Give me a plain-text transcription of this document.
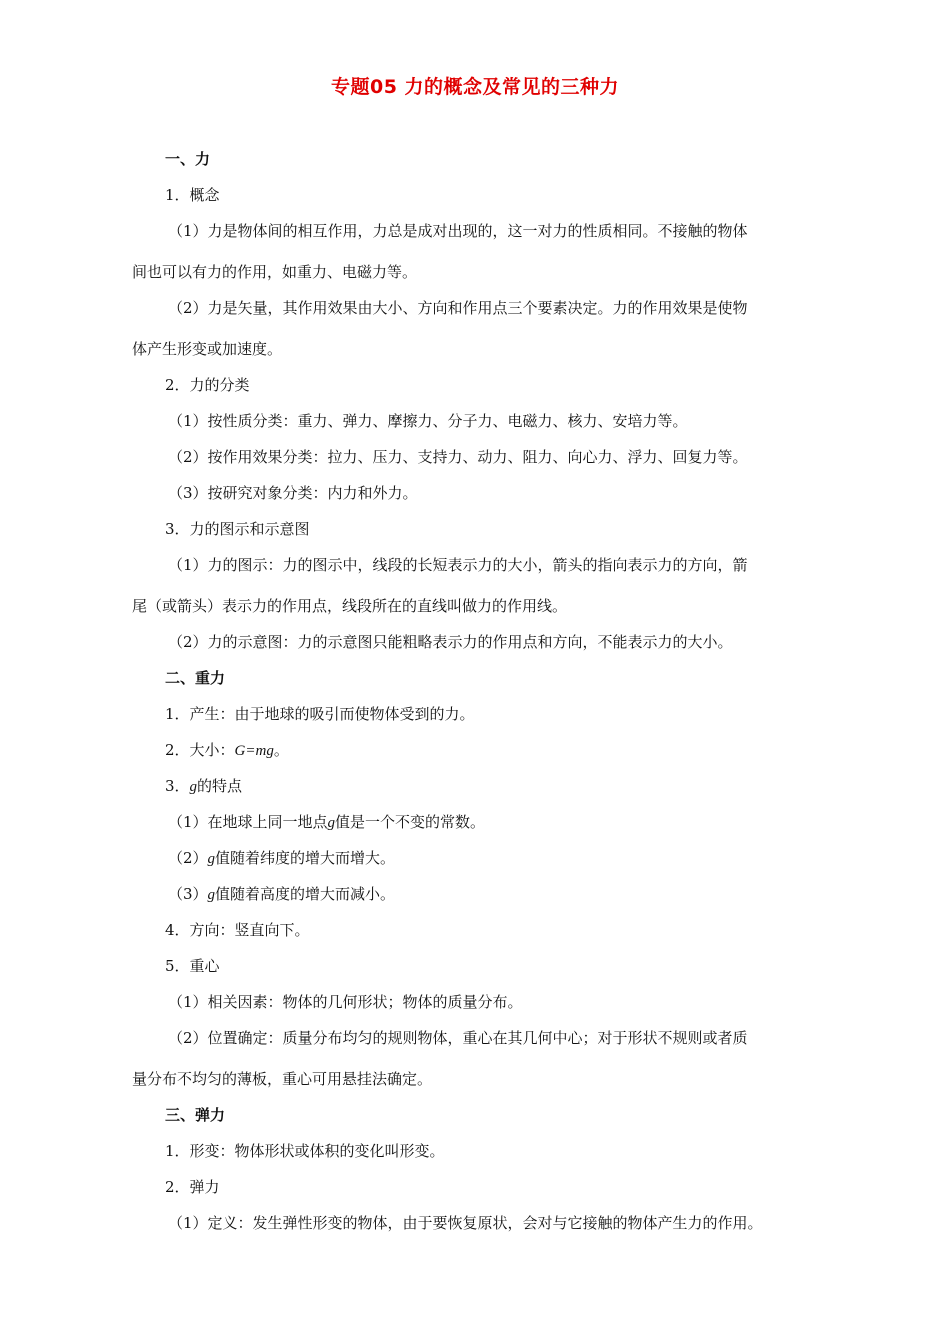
专题05 力的概念及常见的三种力
一、力
1．概念
（1）力是物体间的相互作用，力总是成对出现的，这一对力的性质相同。不接触的物体
间也可以有力的作用，如重力、电磁力等。
（2）力是矢量，其作用效果由大小、方向和作用点三个要素决定。力的作用效果是使物
体产生形变或加速度。
2．力的分类
（1）按性质分类：重力、弹力、摩擦力、分子力、电磁力、核力、安培力等。
（2）按作用效果分类：拉力、压力、支持力、动力、阻力、向心力、浮力、回复力等。
（3）按研究对象分类：内力和外力。
3．力的图示和示意图
（1）力的图示：力的图示中，线段的长短表示力的大小，箭头的指向表示力的方向，箭
尾（或箭头）表示力的作用点，线段所在的直线叫做力的作用线。
（2）力的示意图：力的示意图只能粗略表示力的作用点和方向，不能表示力的大小。
二、重力
1．产生：由于地球的吸引而使物体受到的力。
2．大小：G=mg。
3．g的特点
（1）在地球上同一地点g值是一个不变的常数。
（2）g值随着纬度的增大而增大。
（3）g值随着高度的增大而减小。
4．方向：竖直向下。
5．重心
（1）相关因素：物体的几何形状；物体的质量分布。
（2）位置确定：质量分布均匀的规则物体，重心在其几何中心；对于形状不规则或者质
量分布不均匀的薄板，重心可用悬挂法确定。
三、弹力
1．形变：物体形状或体积的变化叫形变。
2．弹力
（1）定义：发生弹性形变的物体，由于要恢复原状，会对与它接触的物体产生力的作用。
